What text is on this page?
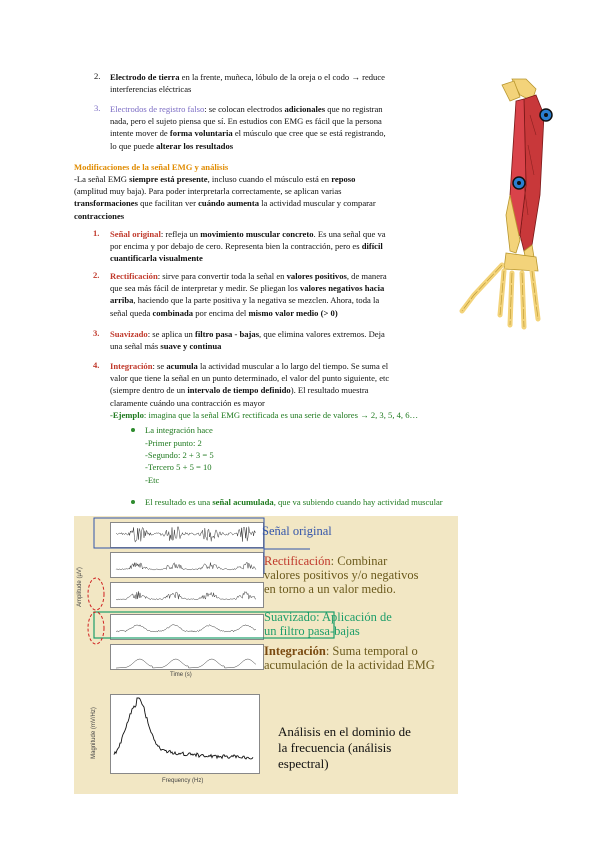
2. Electrodo de tierra en la frente, muñeca, lóbulo de la oreja o el codo → reduce
interferencias eléctricas
3. Electrodos de registro falso: se colocan electrodos adicionales que no registran
nada, pero el sujeto piensa que sí. En estudios con EMG es fácil que la persona
intente mover de forma voluntaria el músculo que cree que se está registrando,
lo que puede alterar los resultados
Modificaciones de la señal EMG y análisis
-La señal EMG siempre está presente, incluso cuando el músculo está en reposo
(amplitud muy baja). Para poder interpretarla correctamente, se aplican varias
transformaciones que facilitan ver cuándo aumenta la actividad muscular y comparar
contracciones
1. Señal original: refleja un movimiento muscular concreto. Es una señal que va
por encima y por debajo de cero. Representa bien la contracción, pero es difícil
cuantificarla visualmente
2. Rectificación: sirve para convertir toda la señal en valores positivos, de manera
que sea más fácil de interpretar y medir. Se pliegan los valores negativos hacia
arriba, haciendo que la parte positiva y la negativa se mezclen. Ahora, toda la
señal queda combinada por encima del mismo valor medio (> 0)
3. Suavizado: se aplica un filtro pasa - bajas, que elimina valores extremos. Deja
una señal más suave y continua
4. Integración: se acumula la actividad muscular a lo largo del tiempo. Se suma el
valor que tiene la señal en un punto determinado, el valor del punto siguiente, etc
(siempre dentro de un intervalo de tiempo definido). El resultado muestra
claramente cuándo una contracción es mayor
-Ejemplo: imagina que la señal EMG rectificada es una serie de valores → 2, 3, 5, 4, 6…
La integración hace
-Primer punto: 2
-Segundo: 2 + 3 = 5
-Tercero 5 + 5 = 10
-Etc
El resultado es una señal acumulada, que va subiendo cuando hay actividad muscular
Amplitude (µV)
Time (s)
Señal original
Rectificación: Combinar
valores positivos y/o negativos
en torno a un valor medio.
Suavizado: Aplicación de
un filtro pasa-bajas
Integración: Suma temporal o
acumulación de la actividad EMG
Magnitude (mV/Hz)
Frequency (Hz)
Análisis en el dominio de
la frecuencia (análisis
espectral)
